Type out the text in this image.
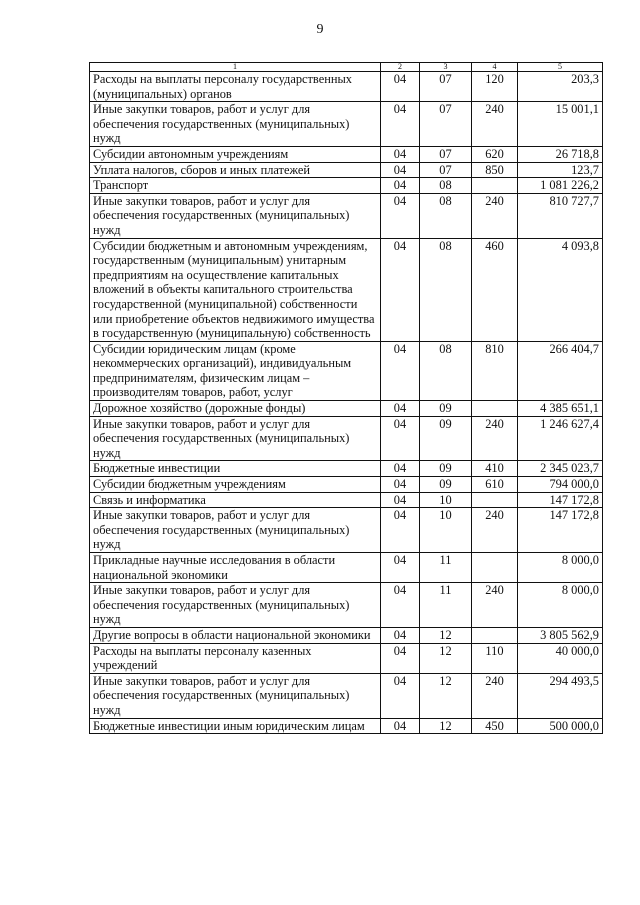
9
1	2	3	4	5
Расходы на выплаты персоналу государственных (муниципальных) органов	04	07	120	203,3
Иные закупки товаров, работ и услуг для обеспечения государственных (муниципальных) нужд	04	07	240	15 001,1
Субсидии автономным учреждениям	04	07	620	26 718,8
Уплата налогов, сборов и иных платежей	04	07	850	123,7
Транспорт	04	08		1 081 226,2
Иные закупки товаров, работ и услуг для обеспечения государственных (муниципальных) нужд	04	08	240	810 727,7
Субсидии бюджетным и автономным учреждениям, государственным (муниципальным) унитарным предприятиям на осуществление капитальных вложений в объекты капитального строительства государственной (муниципальной) собственности или приобретение объектов недвижимого имущества в государственную (муниципальную) собственность	04	08	460	4 093,8
Субсидии юридическим лицам (кроме некоммерческих организаций), индивидуальным предпринимателям, физическим лицам – производителям товаров, работ, услуг	04	08	810	266 404,7
Дорожное хозяйство (дорожные фонды)	04	09		4 385 651,1
Иные закупки товаров, работ и услуг для обеспечения государственных (муниципальных) нужд	04	09	240	1 246 627,4
Бюджетные инвестиции	04	09	410	2 345 023,7
Субсидии бюджетным учреждениям	04	09	610	794 000,0
Связь и информатика	04	10		147 172,8
Иные закупки товаров, работ и услуг для обеспечения государственных (муниципальных) нужд	04	10	240	147 172,8
Прикладные научные исследования в области национальной экономики	04	11		8 000,0
Иные закупки товаров, работ и услуг для обеспечения государственных (муниципальных) нужд	04	11	240	8 000,0
Другие вопросы в области национальной экономики	04	12		3 805 562,9
Расходы на выплаты персоналу казенных учреждений	04	12	110	40 000,0
Иные закупки товаров, работ и услуг для обеспечения государственных (муниципальных) нужд	04	12	240	294 493,5
Бюджетные инвестиции иным юридическим лицам	04	12	450	500 000,0
